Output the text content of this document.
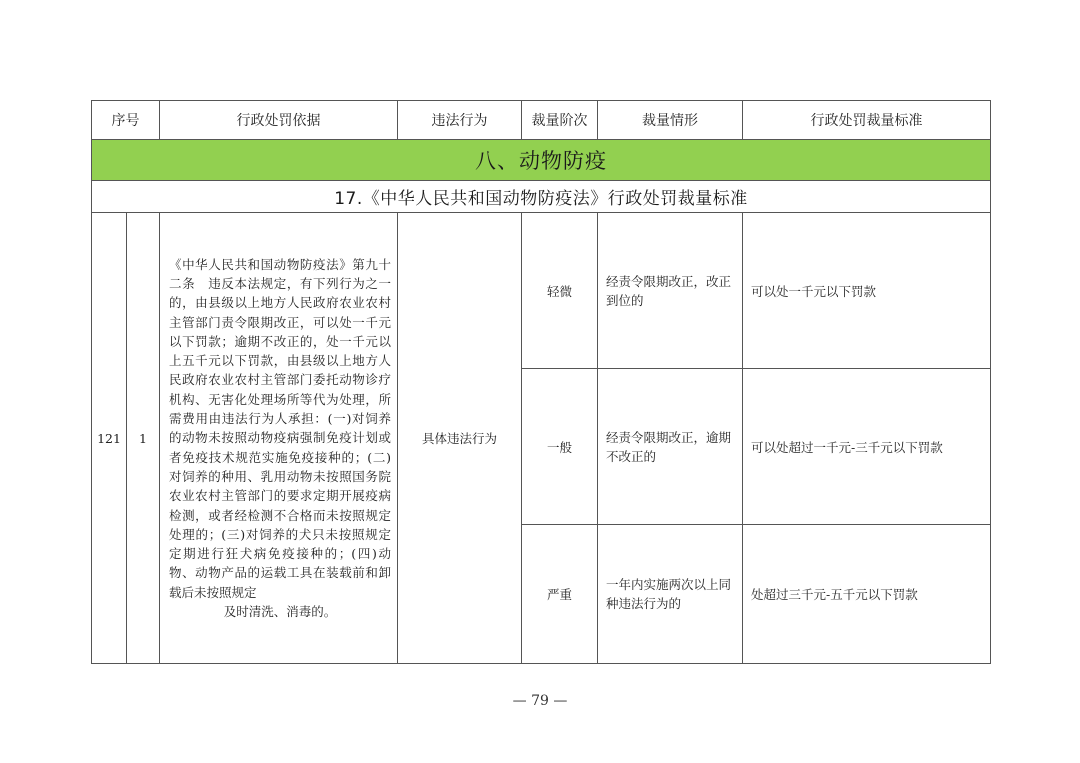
序号		行政处罚依据	违法行为	裁量阶次	裁量情形	行政处罚裁量标准
八、动物防疫						
17.《中华人民共和国动物防疫法》行政处罚裁量标准						
121	1	《中华人民共和国动物防疫法》第九十二条　违反本法规定，有下列行为之一的，由县级以上地方人民政府农业农村主管部门责令限期改正，可以处一千元以下罚款；逾期不改正的，处一千元以上五千元以下罚款，由县级以上地方人民政府农业农村主管部门委托动物诊疗机构、无害化处理场所等代为处理，所需费用由违法行为人承担：(一)对饲养的动物未按照动物疫病强制免疫计划或者免疫技术规范实施免疫接种的；(二)对饲养的种用、乳用动物未按照国务院农业农村主管部门的要求定期开展疫病检测，或者经检测不合格而未按照规定处理的；(三)对饲养的犬只未按照规定定期进行狂犬病免疫接种的；(四)动物、动物产品的运载工具在装载前和卸载后未按照规定
及时清洗、消毒的。	具体违法行为	轻微	经责令限期改正，改正到位的	可以处一千元以下罚款
				一般	经责令限期改正，逾期不改正的	可以处超过一千元-三千元以下罚款
				严重	一年内实施两次以上同种违法行为的	处超过三千元-五千元以下罚款
— 79 —
